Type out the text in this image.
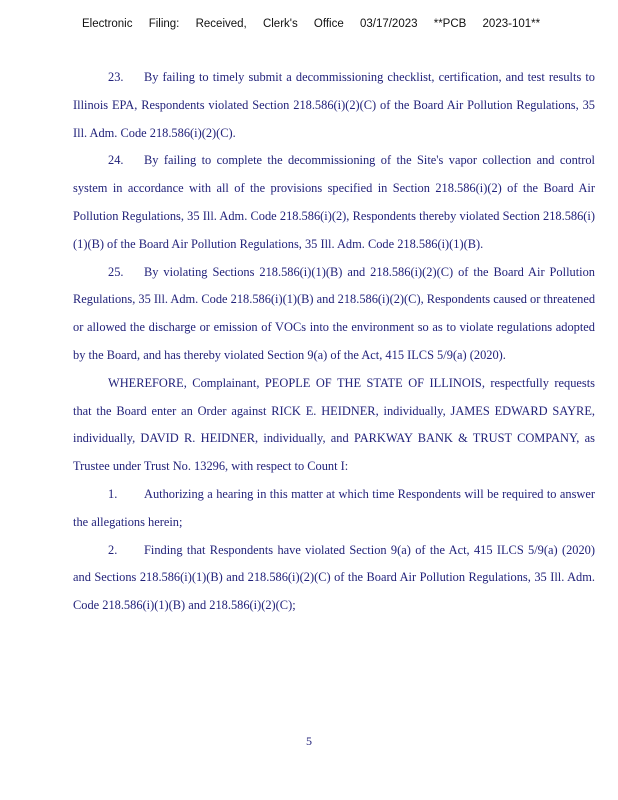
Electronic Filing: Received, Clerk's Office 03/17/2023 **PCB 2023-101**

23. By failing to timely submit a decommissioning checklist, certification, and test results to Illinois EPA, Respondents violated Section 218.586(i)(2)(C) of the Board Air Pollution Regulations, 35 Ill. Adm. Code 218.586(i)(2)(C).

24. By failing to complete the decommissioning of the Site's vapor collection and control system in accordance with all of the provisions specified in Section 218.586(i)(2) of the Board Air Pollution Regulations, 35 Ill. Adm. Code 218.586(i)(2), Respondents thereby violated Section 218.586(i)(1)(B) of the Board Air Pollution Regulations, 35 Ill. Adm. Code 218.586(i)(1)(B).

25. By violating Sections 218.586(i)(1)(B) and 218.586(i)(2)(C) of the Board Air Pollution Regulations, 35 Ill. Adm. Code 218.586(i)(1)(B) and 218.586(i)(2)(C), Respondents caused or threatened or allowed the discharge or emission of VOCs into the environment so as to violate regulations adopted by the Board, and has thereby violated Section 9(a) of the Act, 415 ILCS 5/9(a) (2020).

WHEREFORE, Complainant, PEOPLE OF THE STATE OF ILLINOIS, respectfully requests that the Board enter an Order against RICK E. HEIDNER, individually, JAMES EDWARD SAYRE, individually, DAVID R. HEIDNER, individually, and PARKWAY BANK & TRUST COMPANY, as Trustee under Trust No. 13296, with respect to Count I:

1. Authorizing a hearing in this matter at which time Respondents will be required to answer the allegations herein;

2. Finding that Respondents have violated Section 9(a) of the Act, 415 ILCS 5/9(a) (2020) and Sections 218.586(i)(1)(B) and 218.586(i)(2)(C) of the Board Air Pollution Regulations, 35 Ill. Adm. Code 218.586(i)(1)(B) and 218.586(i)(2)(C);

5
